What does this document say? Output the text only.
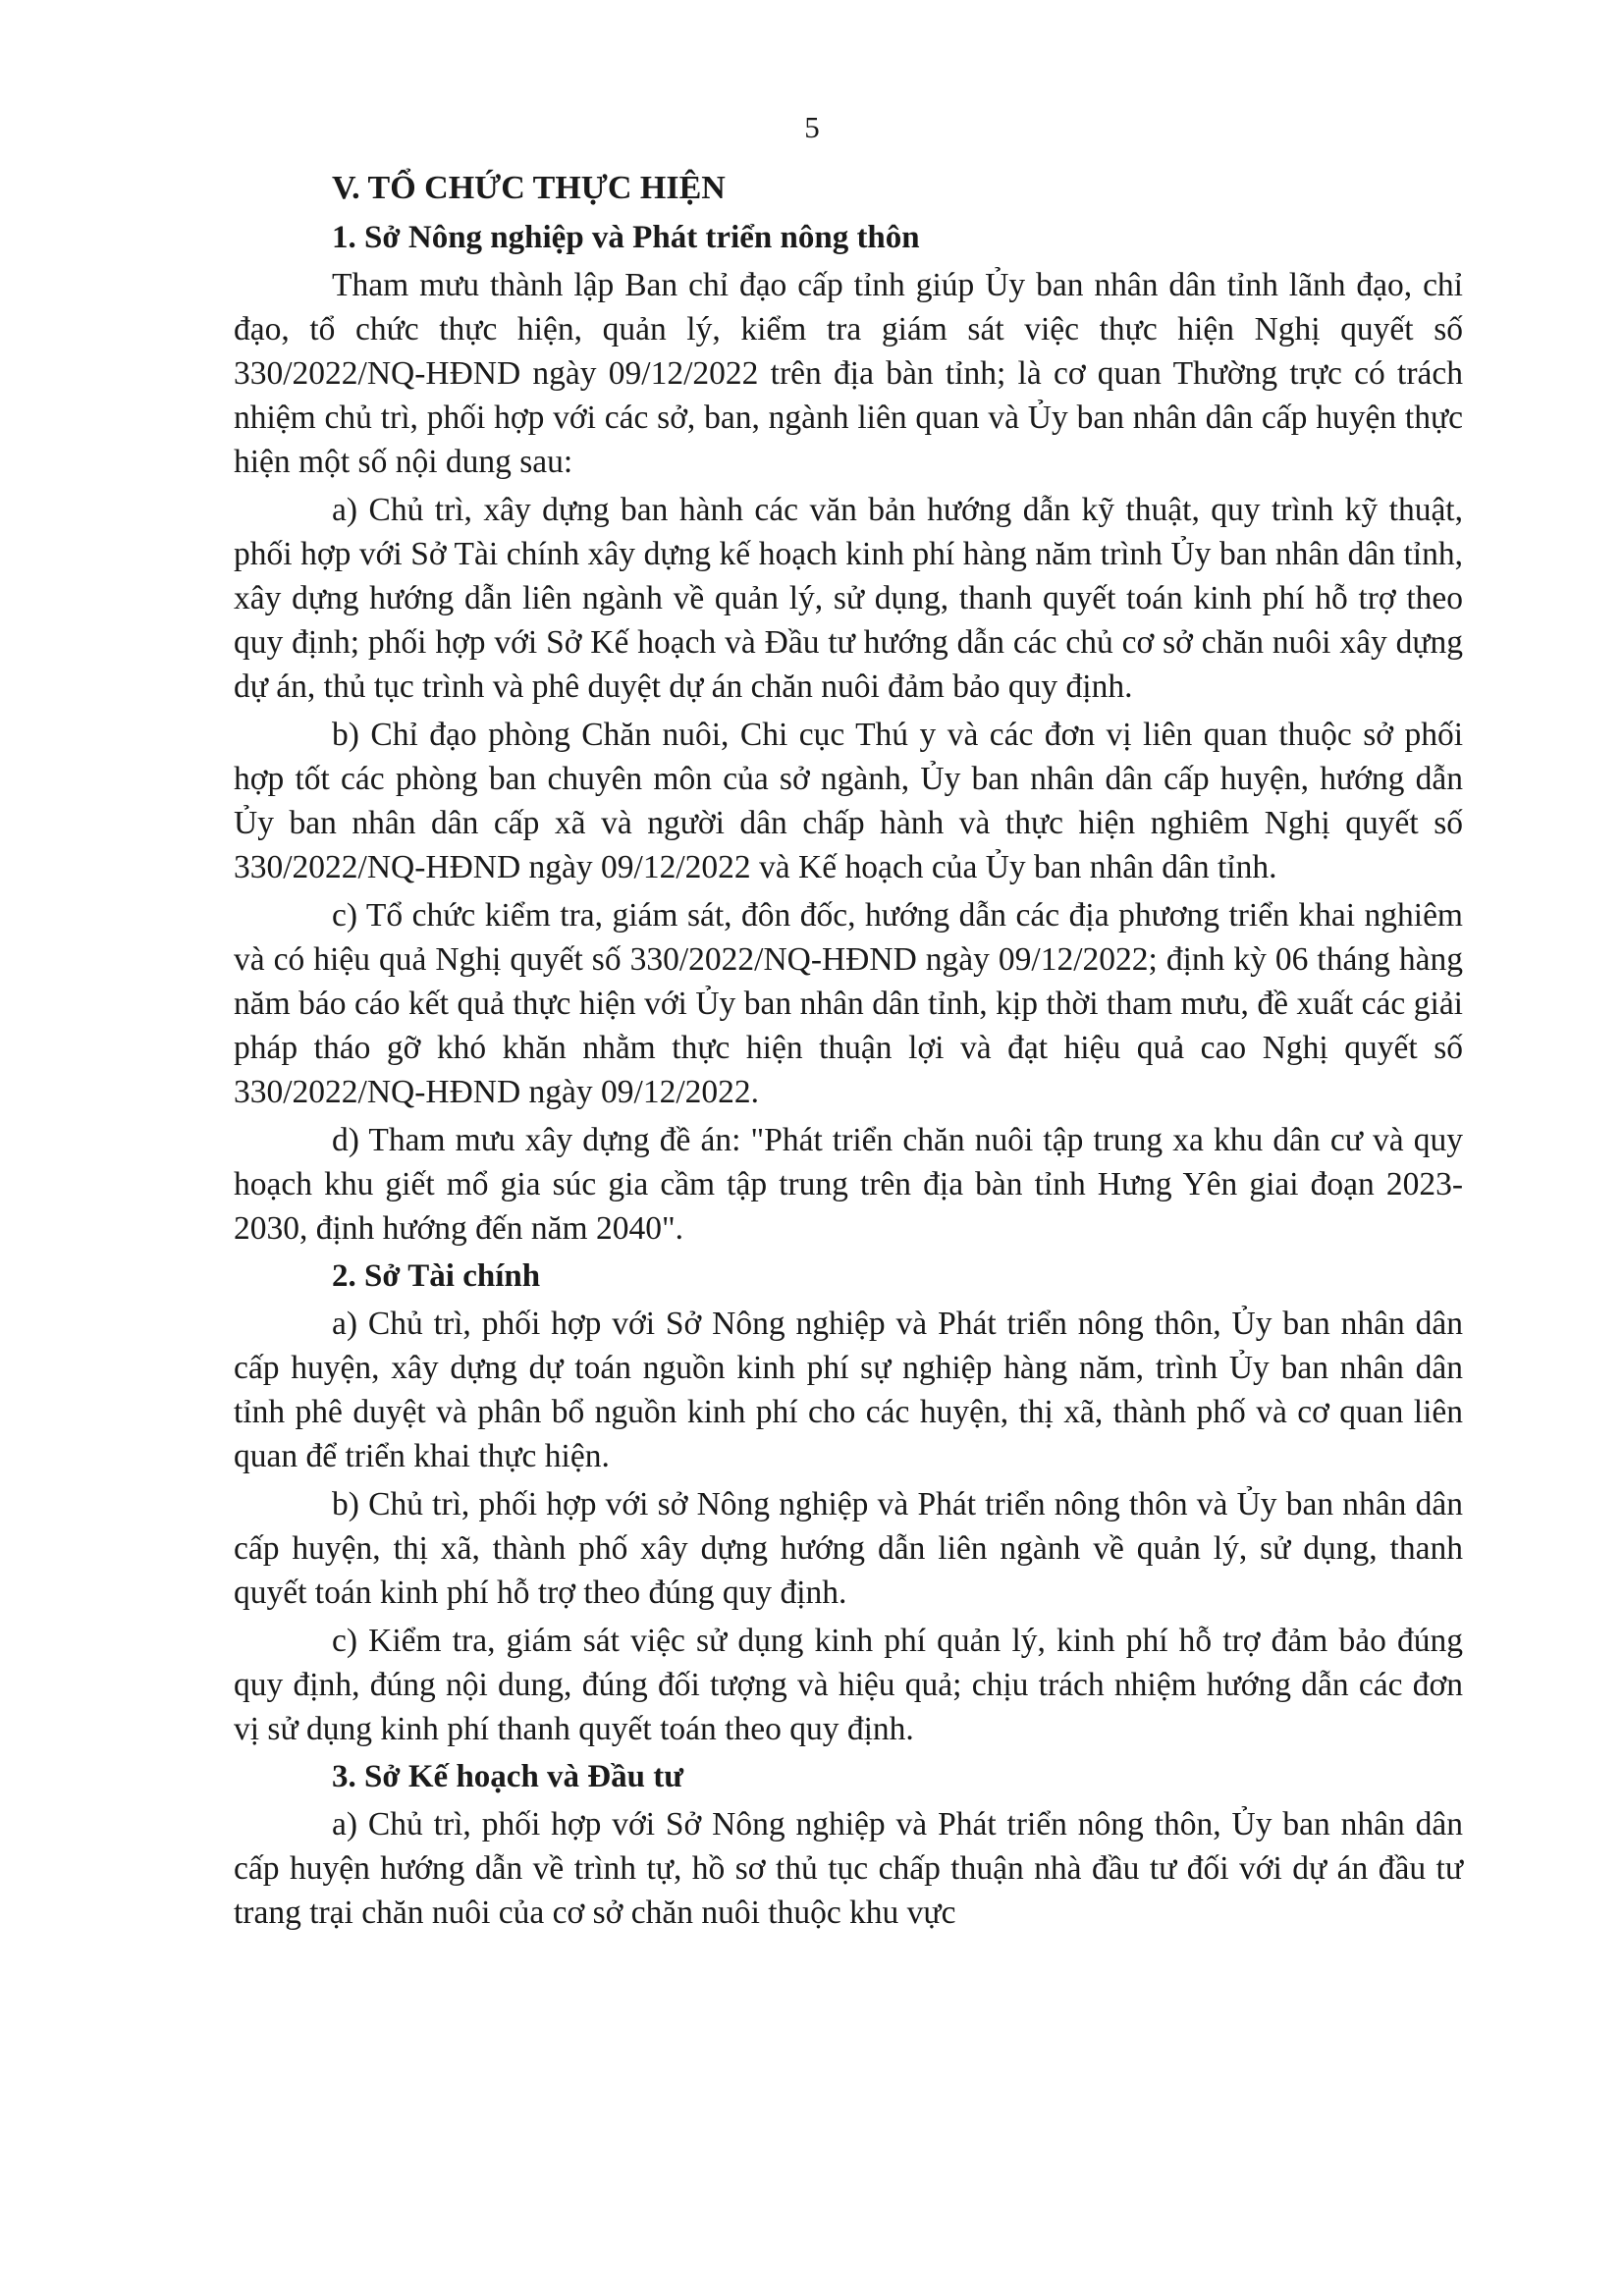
5

V. TỔ CHỨC THỰC HIỆN

1. Sở Nông nghiệp và Phát triển nông thôn

Tham mưu thành lập Ban chỉ đạo cấp tỉnh giúp Ủy ban nhân dân tỉnh lãnh đạo, chỉ đạo, tổ chức thực hiện, quản lý, kiểm tra giám sát việc thực hiện Nghị quyết số 330/2022/NQ-HĐND ngày 09/12/2022 trên địa bàn tỉnh; là cơ quan Thường trực có trách nhiệm chủ trì, phối hợp với các sở, ban, ngành liên quan và Ủy ban nhân dân cấp huyện thực hiện một số nội dung sau:

a) Chủ trì, xây dựng ban hành các văn bản hướng dẫn kỹ thuật, quy trình kỹ thuật, phối hợp với Sở Tài chính xây dựng kế hoạch kinh phí hàng năm trình Ủy ban nhân dân tỉnh, xây dựng hướng dẫn liên ngành về quản lý, sử dụng, thanh quyết toán kinh phí hỗ trợ theo quy định; phối hợp với Sở Kế hoạch và Đầu tư hướng dẫn các chủ cơ sở chăn nuôi xây dựng dự án, thủ tục trình và phê duyệt dự án chăn nuôi đảm bảo quy định.

b) Chỉ đạo phòng Chăn nuôi, Chi cục Thú y và các đơn vị liên quan thuộc sở phối hợp tốt các phòng ban chuyên môn của sở ngành, Ủy ban nhân dân cấp huyện, hướng dẫn Ủy ban nhân dân cấp xã và người dân chấp hành và thực hiện nghiêm Nghị quyết số 330/2022/NQ-HĐND ngày 09/12/2022 và Kế hoạch của Ủy ban nhân dân tỉnh.

c) Tổ chức kiểm tra, giám sát, đôn đốc, hướng dẫn các địa phương triển khai nghiêm và có hiệu quả Nghị quyết số 330/2022/NQ-HĐND ngày 09/12/2022; định kỳ 06 tháng hàng năm báo cáo kết quả thực hiện với Ủy ban nhân dân tỉnh, kịp thời tham mưu, đề xuất các giải pháp tháo gỡ khó khăn nhằm thực hiện thuận lợi và đạt hiệu quả cao Nghị quyết số 330/2022/NQ-HĐND ngày 09/12/2022.

d) Tham mưu xây dựng đề án: "Phát triển chăn nuôi tập trung xa khu dân cư và quy hoạch khu giết mổ gia súc gia cầm tập trung trên địa bàn tỉnh Hưng Yên giai đoạn 2023-2030, định hướng đến năm 2040".

2. Sở Tài chính

a) Chủ trì, phối hợp với Sở Nông nghiệp và Phát triển nông thôn, Ủy ban nhân dân cấp huyện, xây dựng dự toán nguồn kinh phí sự nghiệp hàng năm, trình Ủy ban nhân dân tỉnh phê duyệt và phân bổ nguồn kinh phí cho các huyện, thị xã, thành phố và cơ quan liên quan để triển khai thực hiện.

b) Chủ trì, phối hợp với sở Nông nghiệp và Phát triển nông thôn và Ủy ban nhân dân cấp huyện, thị xã, thành phố xây dựng hướng dẫn liên ngành về quản lý, sử dụng, thanh quyết toán kinh phí hỗ trợ theo đúng quy định.

c) Kiểm tra, giám sát việc sử dụng kinh phí quản lý, kinh phí hỗ trợ đảm bảo đúng quy định, đúng nội dung, đúng đối tượng và hiệu quả; chịu trách nhiệm hướng dẫn các đơn vị sử dụng kinh phí thanh quyết toán theo quy định.

3. Sở Kế hoạch và Đầu tư

a) Chủ trì, phối hợp với Sở Nông nghiệp và Phát triển nông thôn, Ủy ban nhân dân cấp huyện hướng dẫn về trình tự, hồ sơ thủ tục chấp thuận nhà đầu tư đối với dự án đầu tư trang trại chăn nuôi của cơ sở chăn nuôi thuộc khu vực
